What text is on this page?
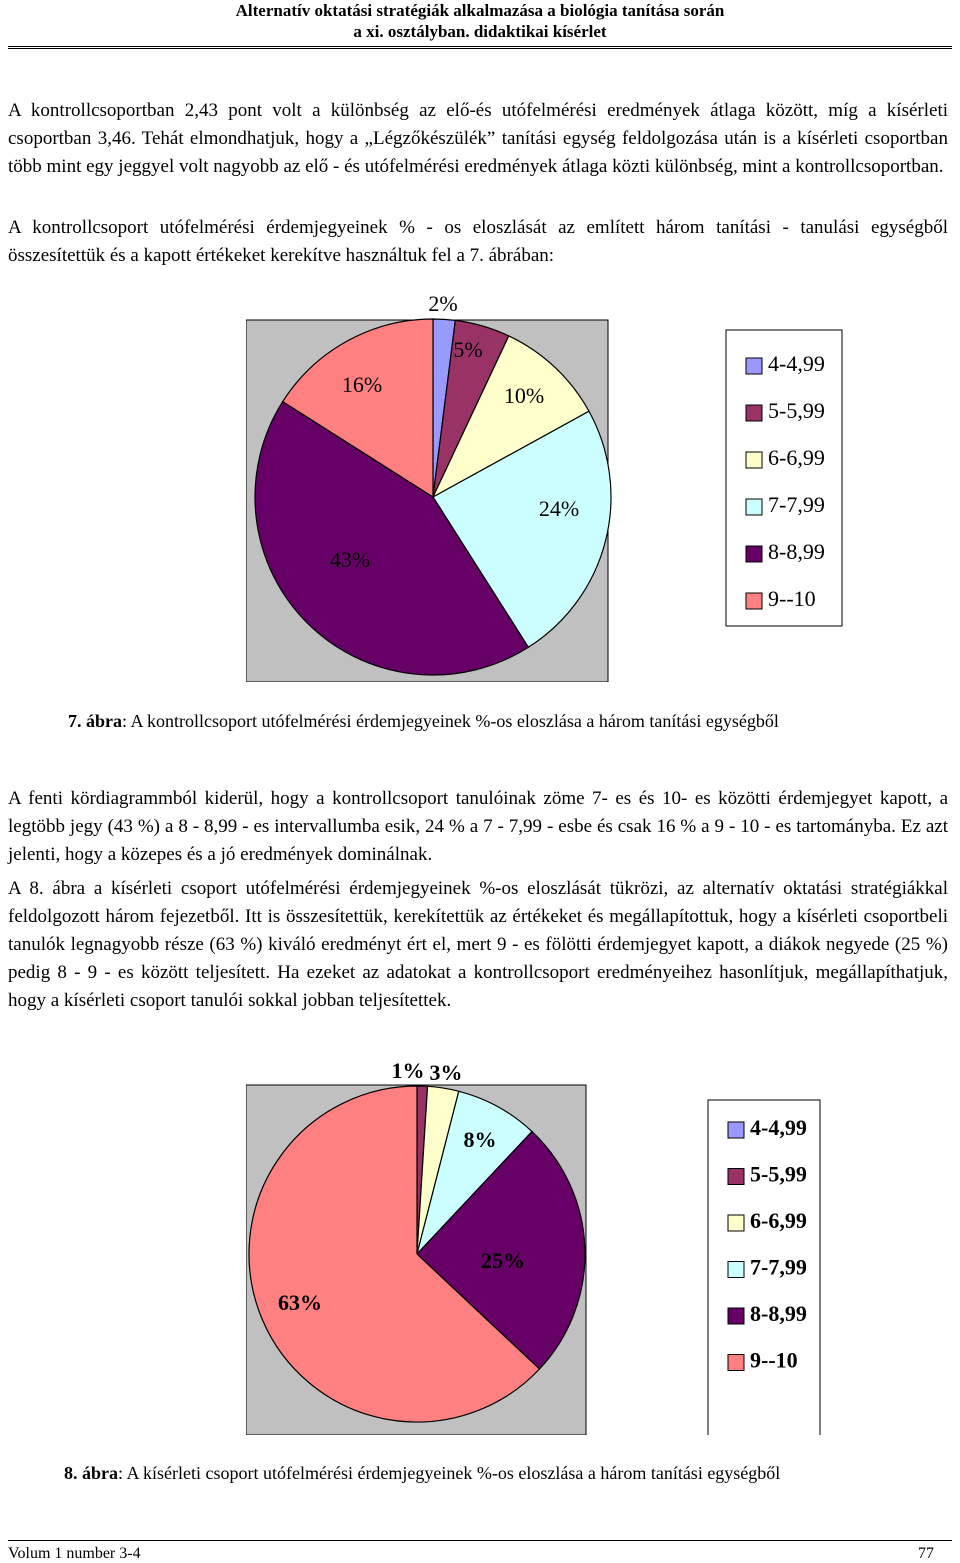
Alternatív oktatási stratégiák alkalmazása a biológia tanítása során
a xi. osztályban. didaktikai kísérlet
A kontrollcsoportban 2,43 pont volt a különbség az elő-és utófelmérési eredmények átlaga között, míg a kísérleti csoportban 3,46. Tehát elmondhatjuk, hogy a „Légzőkészülék” tanítási egység feldolgozása után is a kísérleti csoportban több mint egy jeggyel volt nagyobb az elő - és utófelmérési eredmények átlaga közti különbség, mint a kontrollcsoportban.
A kontrollcsoport utófelmérési érdemjegyeinek % - os eloszlását az említett három tanítási - tanulási egységből összesítettük és a kapott értékeket kerekítve használtuk fel a 7. ábrában:
2%
5%
10%
24%
43%
16%
4-4,99
5-5,99
6-6,99
7-7,99
8-8,99
9--10
7. ábra: A kontrollcsoport utófelmérési érdemjegyeinek %-os eloszlása a három tanítási egységből
A fenti kördiagrammból kiderül, hogy a kontrollcsoport tanulóinak zöme 7- es és 10- es közötti érdemjegyet kapott, a legtöbb jegy (43 %) a 8 - 8,99 - es intervallumba esik, 24 % a 7 - 7,99 - esbe és csak 16 % a 9 - 10 - es tartományba. Ez azt jelenti, hogy a közepes és a jó eredmények dominálnak.
A 8. ábra a kísérleti csoport utófelmérési érdemjegyeinek %-os eloszlását tükrözi, az alternatív oktatási stratégiákkal feldolgozott három fejezetből. Itt is összesítettük, kerekítettük az értékeket és megállapítottuk, hogy a kísérleti csoportbeli tanulók legnagyobb része (63 %) kiváló eredményt ért el, mert 9 - es fölötti érdemjegyet kapott, a diákok negyede (25 %) pedig 8 - 9 - es között teljesített. Ha ezeket az adatokat a kontrollcsoport eredményeihez hasonlítjuk, megállapíthatjuk, hogy a kísérleti csoport tanulói sokkal jobban teljesítettek.
1% 3%
8%
25%
63%
4-4,99
5-5,99
6-6,99
7-7,99
8-8,99
9--10
8. ábra: A kísérleti csoport utófelmérési érdemjegyeinek %-os eloszlása a három tanítási egységből
Volum 1 number 3-4	77
